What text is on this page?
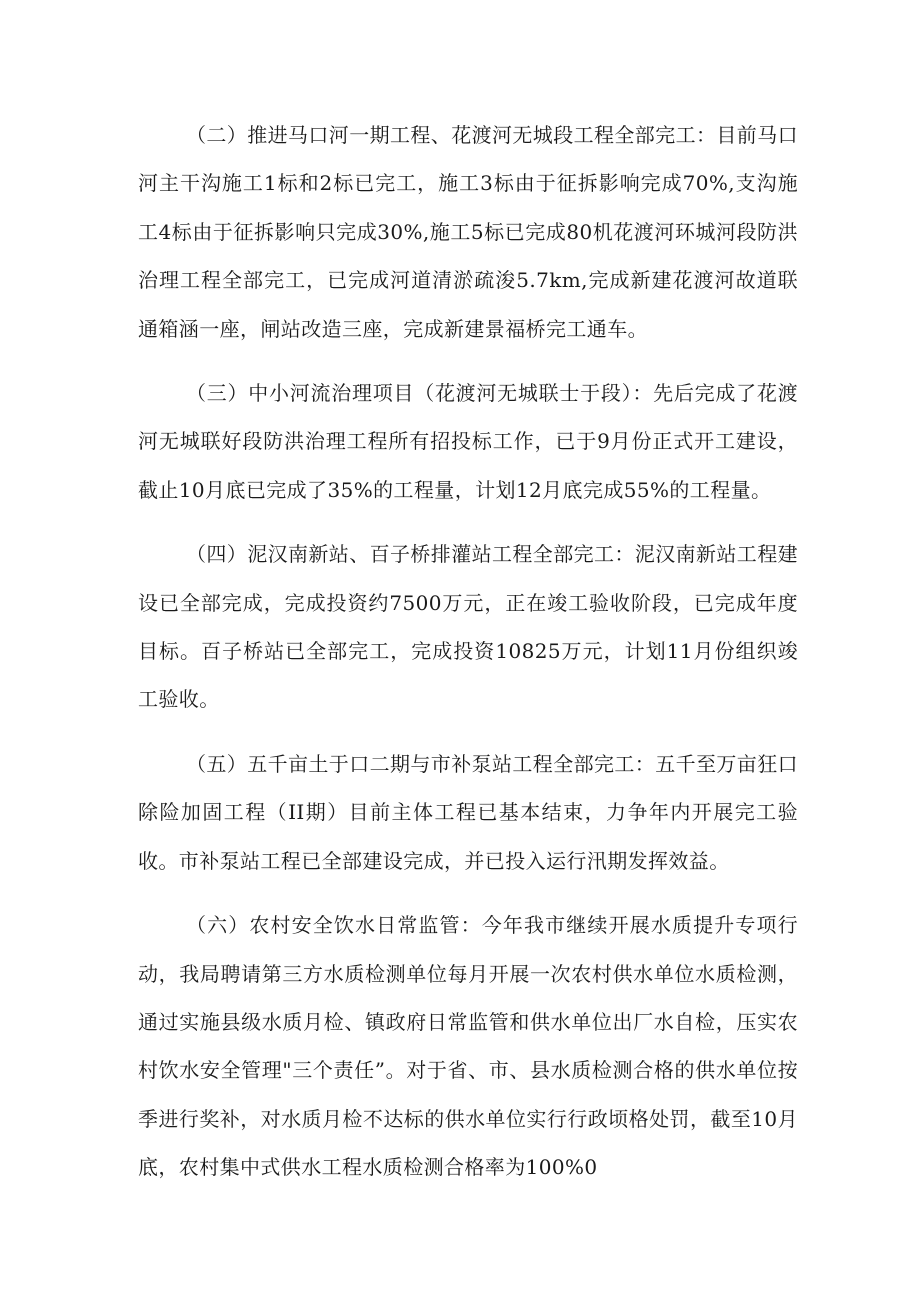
（二）推进马口河一期工程、花渡河无城段工程全部完工：目前马口河主干沟施工1标和2标已完工，施工3标由于征拆影响完成70%,支沟施工4标由于征拆影响只完成30%,施工5标已完成80机花渡河环城河段防洪治理工程全部完工，已完成河道清淤疏浚5.7km,完成新建花渡河故道联通箱涵一座，闸站改造三座，完成新建景福桥完工通车。

（三）中小河流治理项目（花渡河无城联士于段）：先后完成了花渡河无城联好段防洪治理工程所有招投标工作，已于9月份正式开工建设，截止10月底已完成了35%的工程量，计划12月底完成55%的工程量。

（四）泥汉南新站、百子桥排灌站工程全部完工：泥汉南新站工程建设已全部完成，完成投资约7500万元，正在竣工验收阶段，已完成年度目标。百子桥站已全部完工，完成投资10825万元，计划11月份组织竣工验收。

（五）五千亩土于口二期与市补泵站工程全部完工：五千至万亩狂口除险加固工程（II期）目前主体工程已基本结束，力争年内开展完工验收。市补泵站工程已全部建设完成，并已投入运行汛期发挥效益。

（六）农村安全饮水日常监管：今年我市继续开展水质提升专项行动，我局聘请第三方水质检测单位每月开展一次农村供水单位水质检测，通过实施县级水质月检、镇政府日常监管和供水单位出厂水自检，压实农村饮水安全管理"三个责任”。对于省、市、县水质检测合格的供水单位按季进行奖补，对水质月检不达标的供水单位实行行政顷格处罚，截至10月底，农村集中式供水工程水质检测合格率为100%0
